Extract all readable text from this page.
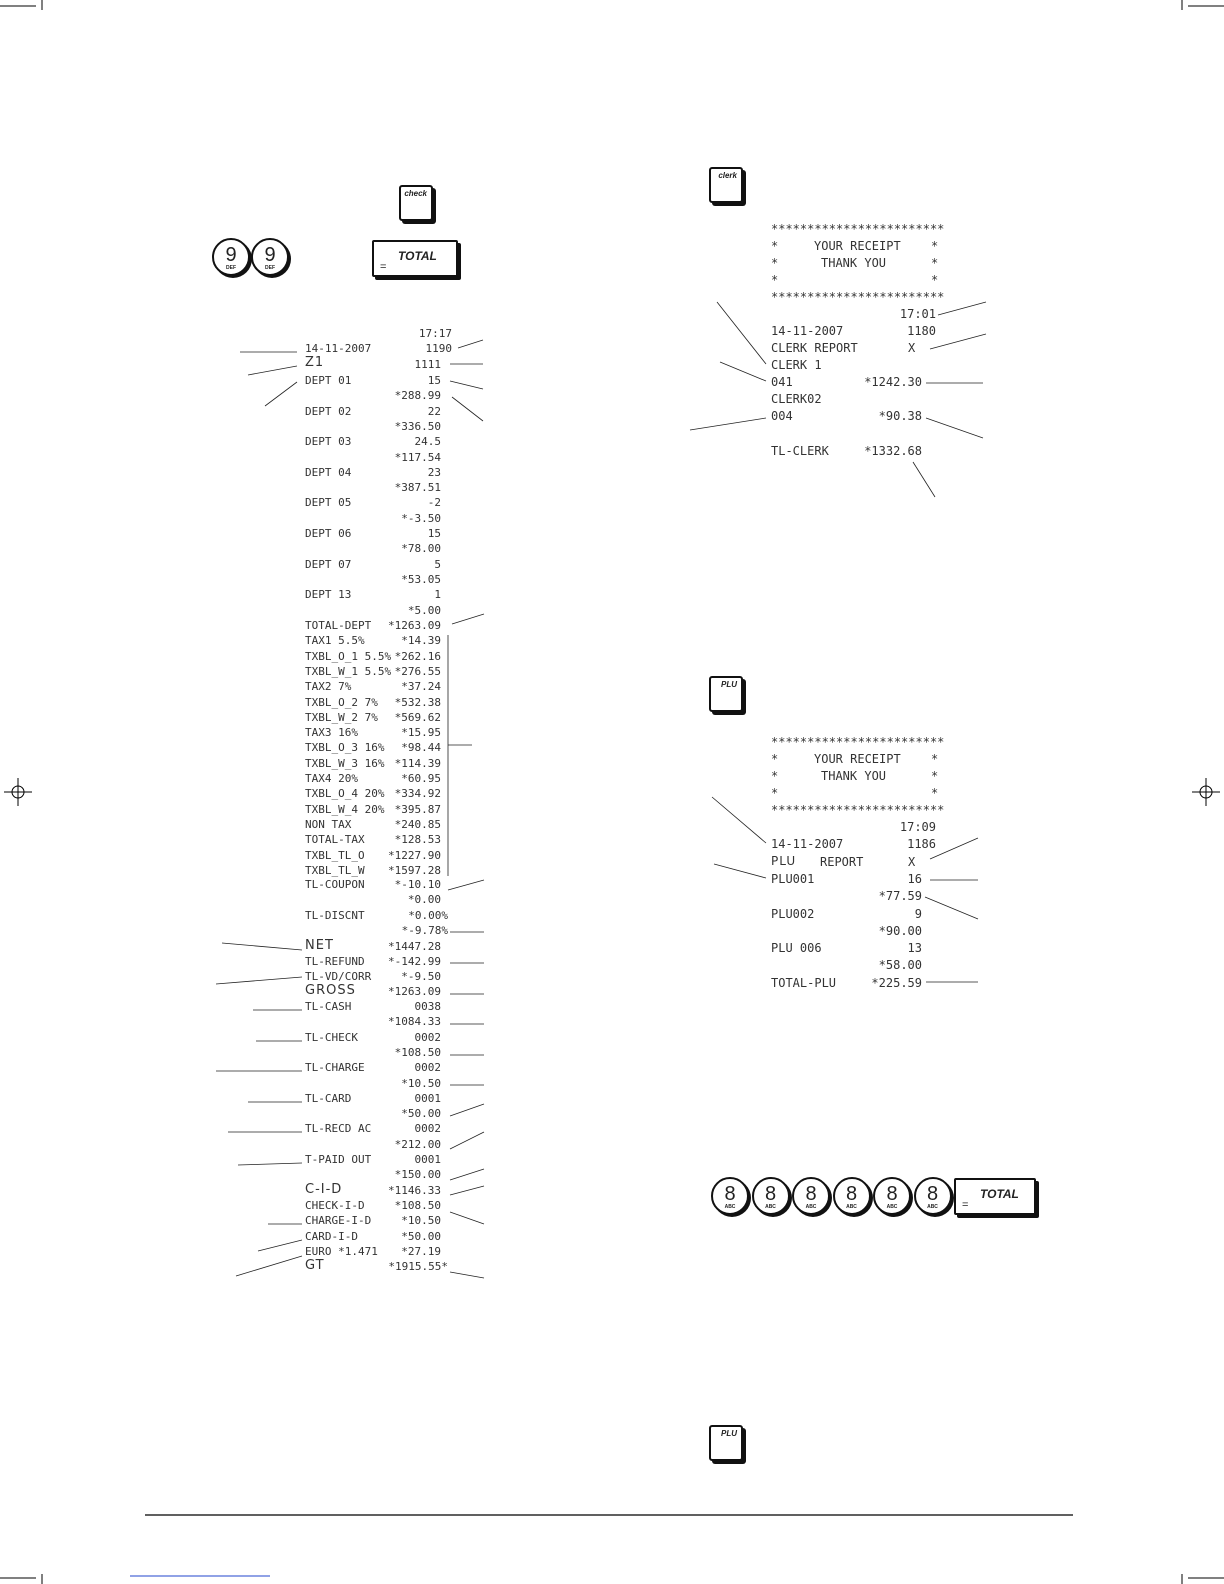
check
9
DEF
9
DEF
TOTAL
=
17:17
14-11-2007	1190
Z1	1111
DEPT 01	15
*288.99
DEPT 02	22
*336.50
DEPT 03	24.5
*117.54
DEPT 04	23
*387.51
DEPT 05	-2
*-3.50
DEPT 06	15
*78.00
DEPT 07	5
*53.05
DEPT 13	1
*5.00
TOTAL-DEPT	*1263.09
TAX1 5.5%	*14.39
TXBL_O_1 5.5% *262.16
TXBL_W_1 5.5% *276.55
TAX2 7%	*37.24
TXBL_O_2 7%	*532.38
TXBL_W_2 7%	*569.62
TAX3 16%	*15.95
TXBL_O_3 16%	*98.44
TXBL_W_3 16% *114.39
TAX4 20%	*60.95
TXBL_O_4 20% *334.92
TXBL_W_4 20% *395.87
NON TAX	*240.85
TOTAL-TAX	*128.53
TXBL_TL_O	*1227.90
TXBL_TL_W	*1597.28
TL-COUPON	*-10.10
*0.00
TL-DISCNT	*0.00%
*-9.78%
NET	*1447.28
TL-REFUND	*-142.99
TL-VD/CORR	*-9.50
GROSS	*1263.09
TL-CASH	0038
*1084.33
TL-CHECK	0002
*108.50
TL-CHARGE	0002
*10.50
TL-CARD	0001
*50.00
TL-RECD AC	0002
*212.00
T-PAID OUT	0001
*150.00
C-I-D	*1146.33
CHECK-I-D	*108.50
CHARGE-I-D	*10.50
CARD-I-D	*50.00
EURO *1.471	*27.19
GT	*1915.55*
clerk
************************
*	YOUR RECEIPT	*
*	THANK YOU	*
*	*
************************
17:01
14-11-2007	1180
CLERK REPORT	X
CLERK 1
041	*1242.30
CLERK02
004	*90.38
TL-CLERK	*1332.68
PLU
************************
*	YOUR RECEIPT	*
*	THANK YOU	*
*	*
************************
17:09
14-11-2007	1186
PLU REPORT	X
PLU001	16
*77.59
PLU002	9
*90.00
PLU 006	13
*58.00
TOTAL-PLU	*225.59
8
ABC
8
ABC
8
ABC
8
ABC
8
ABC
8
ABC
TOTAL
=
PLU
